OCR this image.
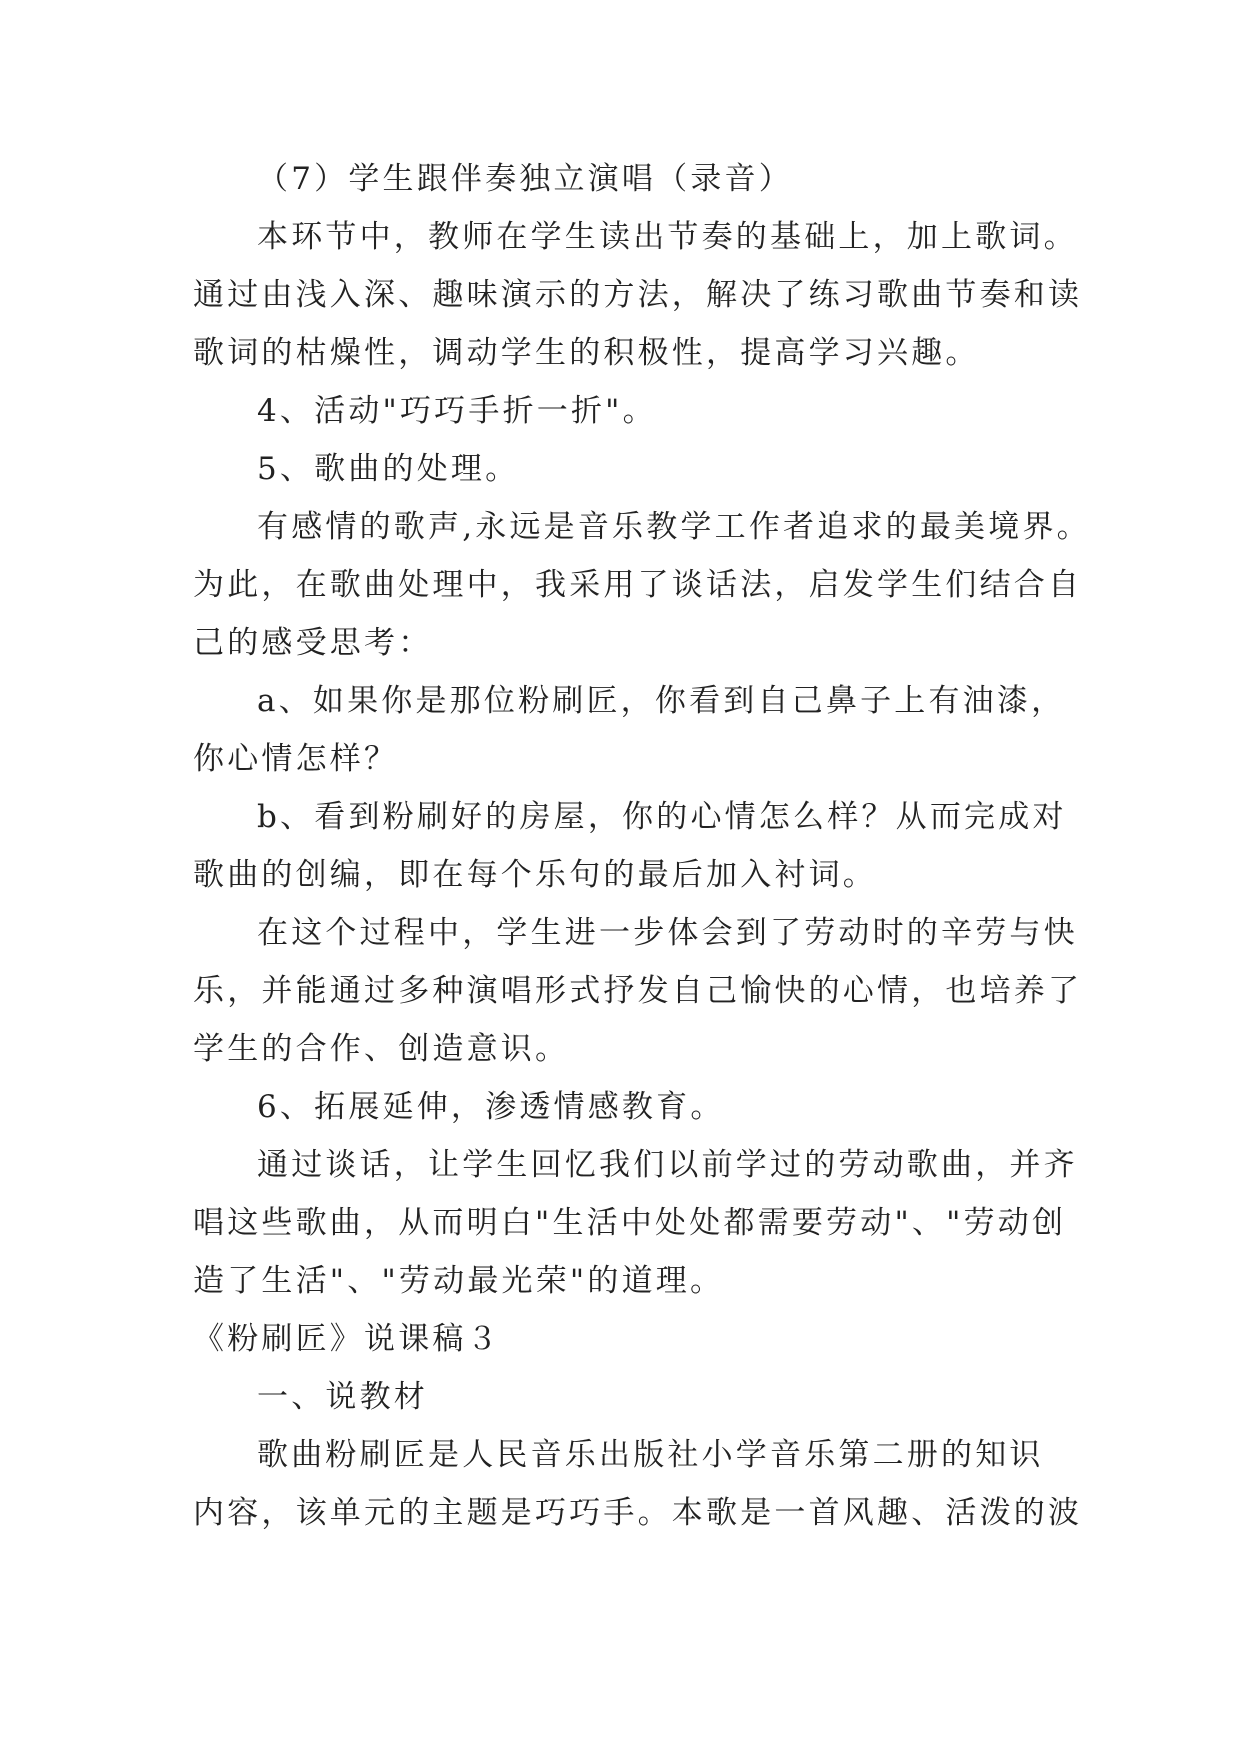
（7）学生跟伴奏独立演唱（录音）
本环节中，教师在学生读出节奏的基础上，加上歌词。
通过由浅入深、趣味演示的方法，解决了练习歌曲节奏和读
歌词的枯燥性，调动学生的积极性，提高学习兴趣。
4、活动"巧巧手折一折"。
5、歌曲的处理。
有感情的歌声,永远是音乐教学工作者追求的最美境界。
为此，在歌曲处理中，我采用了谈话法，启发学生们结合自
己的感受思考：
a、如果你是那位粉刷匠，你看到自己鼻子上有油漆，
你心情怎样？
b、看到粉刷好的房屋，你的心情怎么样？从而完成对
歌曲的创编，即在每个乐句的最后加入衬词。
在这个过程中，学生进一步体会到了劳动时的辛劳与快
乐，并能通过多种演唱形式抒发自己愉快的心情，也培养了
学生的合作、创造意识。
6、拓展延伸，渗透情感教育。
通过谈话，让学生回忆我们以前学过的劳动歌曲，并齐
唱这些歌曲，从而明白"生活中处处都需要劳动"、"劳动创
造了生活"、"劳动最光荣"的道理。
《粉刷匠》说课稿３
一、说教材
歌曲粉刷匠是人民音乐出版社小学音乐第二册的知识
内容，该单元的主题是巧巧手。本歌是一首风趣、活泼的波
